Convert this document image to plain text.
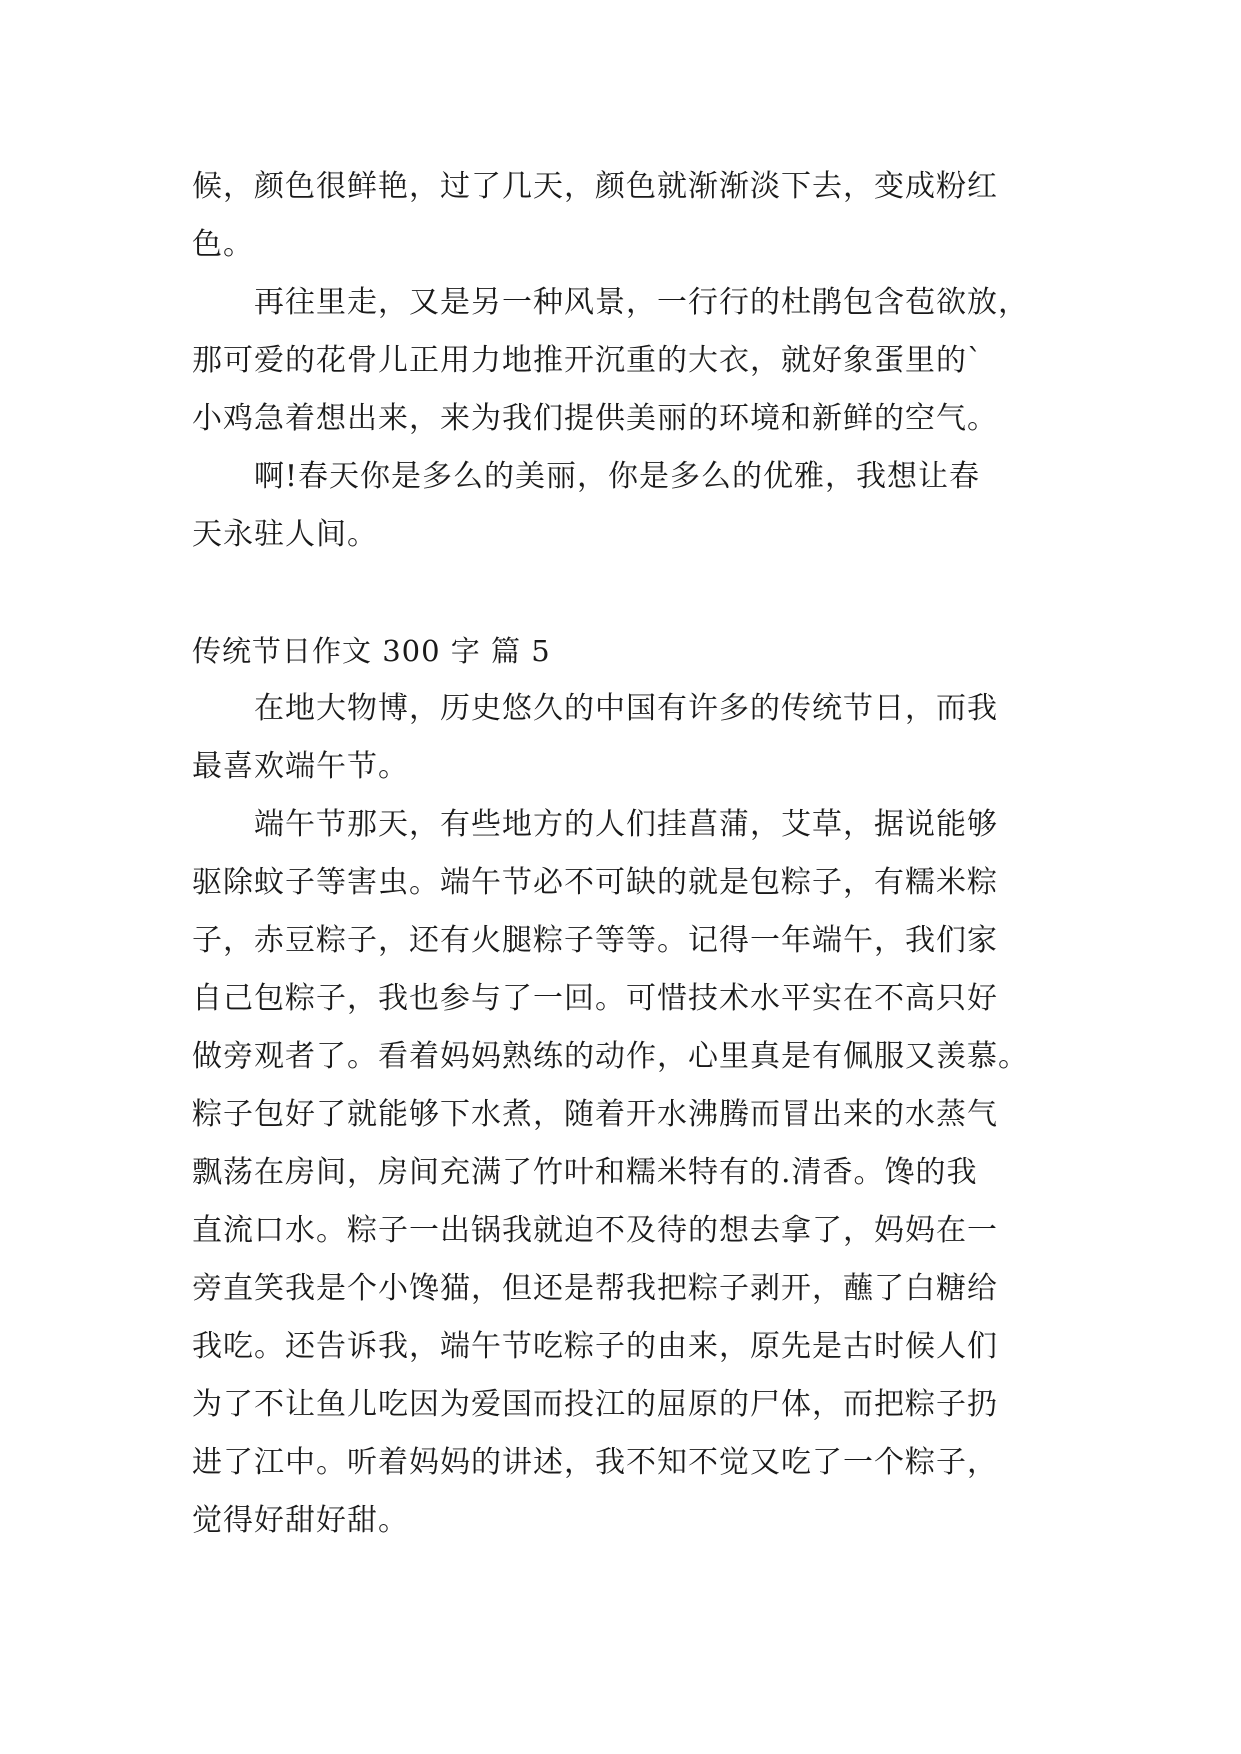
候，颜色很鲜艳，过了几天，颜色就渐渐淡下去，变成粉红
色。
　　再往里走，又是另一种风景，一行行的杜鹃包含苞欲放，
那可爱的花骨儿正用力地推开沉重的大衣，就好象蛋里的`
小鸡急着想出来，来为我们提供美丽的环境和新鲜的空气。
　　啊!春天你是多么的美丽，你是多么的优雅，我想让春
天永驻人间。
传统节日作文 300 字 篇 5
　　在地大物博，历史悠久的中国有许多的传统节日，而我
最喜欢端午节。
　　端午节那天，有些地方的人们挂菖蒲，艾草，据说能够
驱除蚊子等害虫。端午节必不可缺的就是包粽子，有糯米粽
子，赤豆粽子，还有火腿粽子等等。记得一年端午，我们家
自己包粽子，我也参与了一回。可惜技术水平实在不高只好
做旁观者了。看着妈妈熟练的动作，心里真是有佩服又羡慕。
粽子包好了就能够下水煮，随着开水沸腾而冒出来的水蒸气
飘荡在房间，房间充满了竹叶和糯米特有的.清香。馋的我
直流口水。粽子一出锅我就迫不及待的想去拿了，妈妈在一
旁直笑我是个小馋猫，但还是帮我把粽子剥开，蘸了白糖给
我吃。还告诉我，端午节吃粽子的由来，原先是古时候人们
为了不让鱼儿吃因为爱国而投江的屈原的尸体，而把粽子扔
进了江中。听着妈妈的讲述，我不知不觉又吃了一个粽子，
觉得好甜好甜。
